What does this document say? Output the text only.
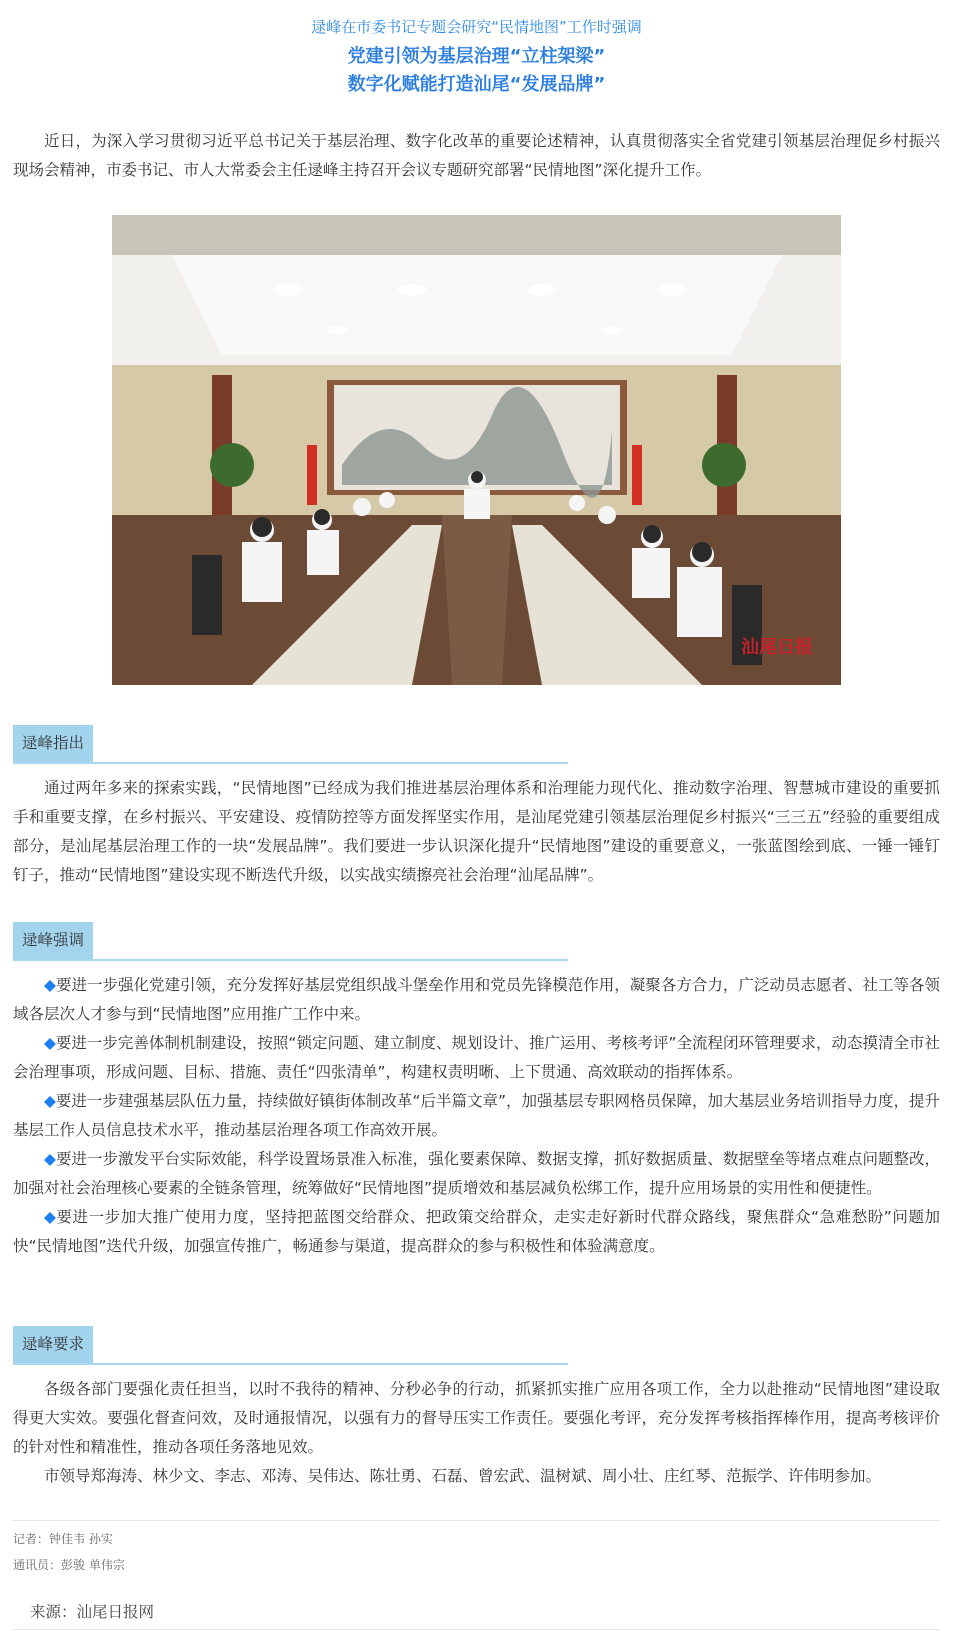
逯峰在市委书记专题会研究“民情地图”工作时强调
党建引领为基层治理“立柱架梁”
数字化赋能打造汕尾“发展品牌”
近日，为深入学习贯彻习近平总书记关于基层治理、数字化改革的重要论述精神，认真贯彻落实全省党建引领基层治理促乡村振兴现场会精神，市委书记、市人大常委会主任逯峰主持召开会议专题研究部署“民情地图”深化提升工作。
汕尾日报
逯峰指出

通过两年多来的探索实践，“民情地图”已经成为我们推进基层治理体系和治理能力现代化、推动数字治理、智慧城市建设的重要抓手和重要支撑，在乡村振兴、平安建设、疫情防控等方面发挥坚实作用，是汕尾党建引领基层治理促乡村振兴“三三五”经验的重要组成部分，是汕尾基层治理工作的一块“发展品牌”。我们要进一步认识深化提升“民情地图”建设的重要意义，一张蓝图绘到底、一锤一锤钉钉子，推动“民情地图”建设实现不断迭代升级，以实战实绩擦亮社会治理“汕尾品牌”。

逯峰强调

◆要进一步强化党建引领，充分发挥好基层党组织战斗堡垒作用和党员先锋模范作用，凝聚各方合力，广泛动员志愿者、社工等各领域各层次人才参与到“民情地图”应用推广工作中来。

◆要进一步完善体制机制建设，按照“锁定问题、建立制度、规划设计、推广运用、考核考评”全流程闭环管理要求，动态摸清全市社会治理事项，形成问题、目标、措施、责任“四张清单”，构建权责明晰、上下贯通、高效联动的指挥体系。

◆要进一步建强基层队伍力量，持续做好镇街体制改革“后半篇文章”，加强基层专职网格员保障，加大基层业务培训指导力度，提升基层工作人员信息技术水平，推动基层治理各项工作高效开展。

◆要进一步激发平台实际效能，科学设置场景准入标准，强化要素保障、数据支撑，抓好数据质量、数据壁垒等堵点难点问题整改，加强对社会治理核心要素的全链条管理，统筹做好“民情地图”提质增效和基层减负松绑工作，提升应用场景的实用性和便捷性。

◆要进一步加大推广使用力度，坚持把蓝图交给群众、把政策交给群众，走实走好新时代群众路线，聚焦群众“急难愁盼”问题加快“民情地图”迭代升级，加强宣传推广，畅通参与渠道，提高群众的参与积极性和体验满意度。

逯峰要求

各级各部门要强化责任担当，以时不我待的精神、分秒必争的行动，抓紧抓实推广应用各项工作，全力以赴推动“民情地图”建设取得更大实效。要强化督查问效，及时通报情况，以强有力的督导压实工作责任。要强化考评，充分发挥考核指挥棒作用，提高考核评价的针对性和精准性，推动各项任务落地见效。

市领导郑海涛、林少文、李志、邓涛、吴伟达、陈壮勇、石磊、曾宏武、温树斌、周小壮、庄红琴、范振学、许伟明参加。

记者：钟佳韦 孙实
通讯员：彭骏 单伟宗
来源：汕尾日报网
